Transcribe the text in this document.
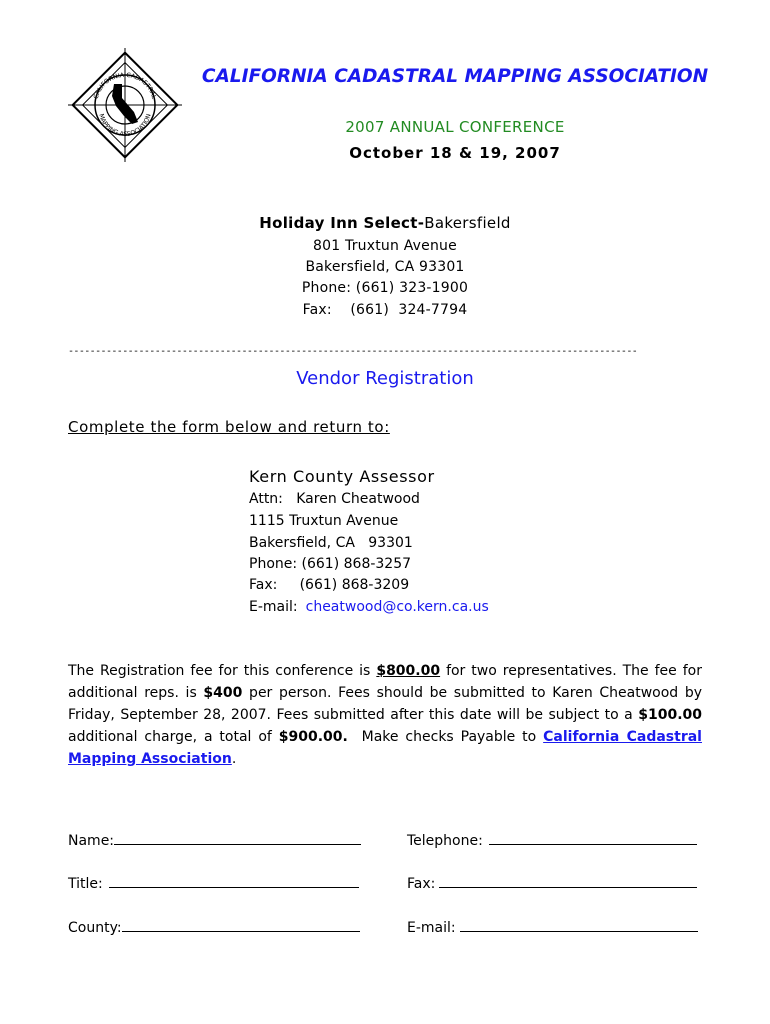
CALIFORNIA CADASTRAL
MAPPING ASSOCIATION
CALIFORNIA CADASTRAL MAPPING ASSOCIATION
2007 ANNUAL CONFERENCE
October 18 & 19, 2007
Holiday Inn Select-Bakersfield
801 Truxtun Avenue
Bakersfield, CA 93301
Phone: (661) 323-1900
Fax:    (661)  324-7794
---------------------------------------------------------------------------------------------------------
Vendor Registration
Complete the form below and return to:
Kern County Assessor
Attn:   Karen Cheatwood
1115 Truxtun Avenue
Bakersfield, CA   93301
Phone: (661) 868-3257
Fax:     (661) 868-3209
E-mail: cheatwood@co.kern.ca.us
The Registration fee for this conference is $800.00 for two representatives. The fee for additional reps. is $400 per person. Fees should be submitted to Karen Cheatwood by Friday, September 28, 2007. Fees submitted after this date will be subject to a $100.00 additional charge, a total of $900.00.  Make checks Payable to California Cadastral Mapping Association.
Name:	Telephone:
Title:	Fax:
County:	E-mail:
